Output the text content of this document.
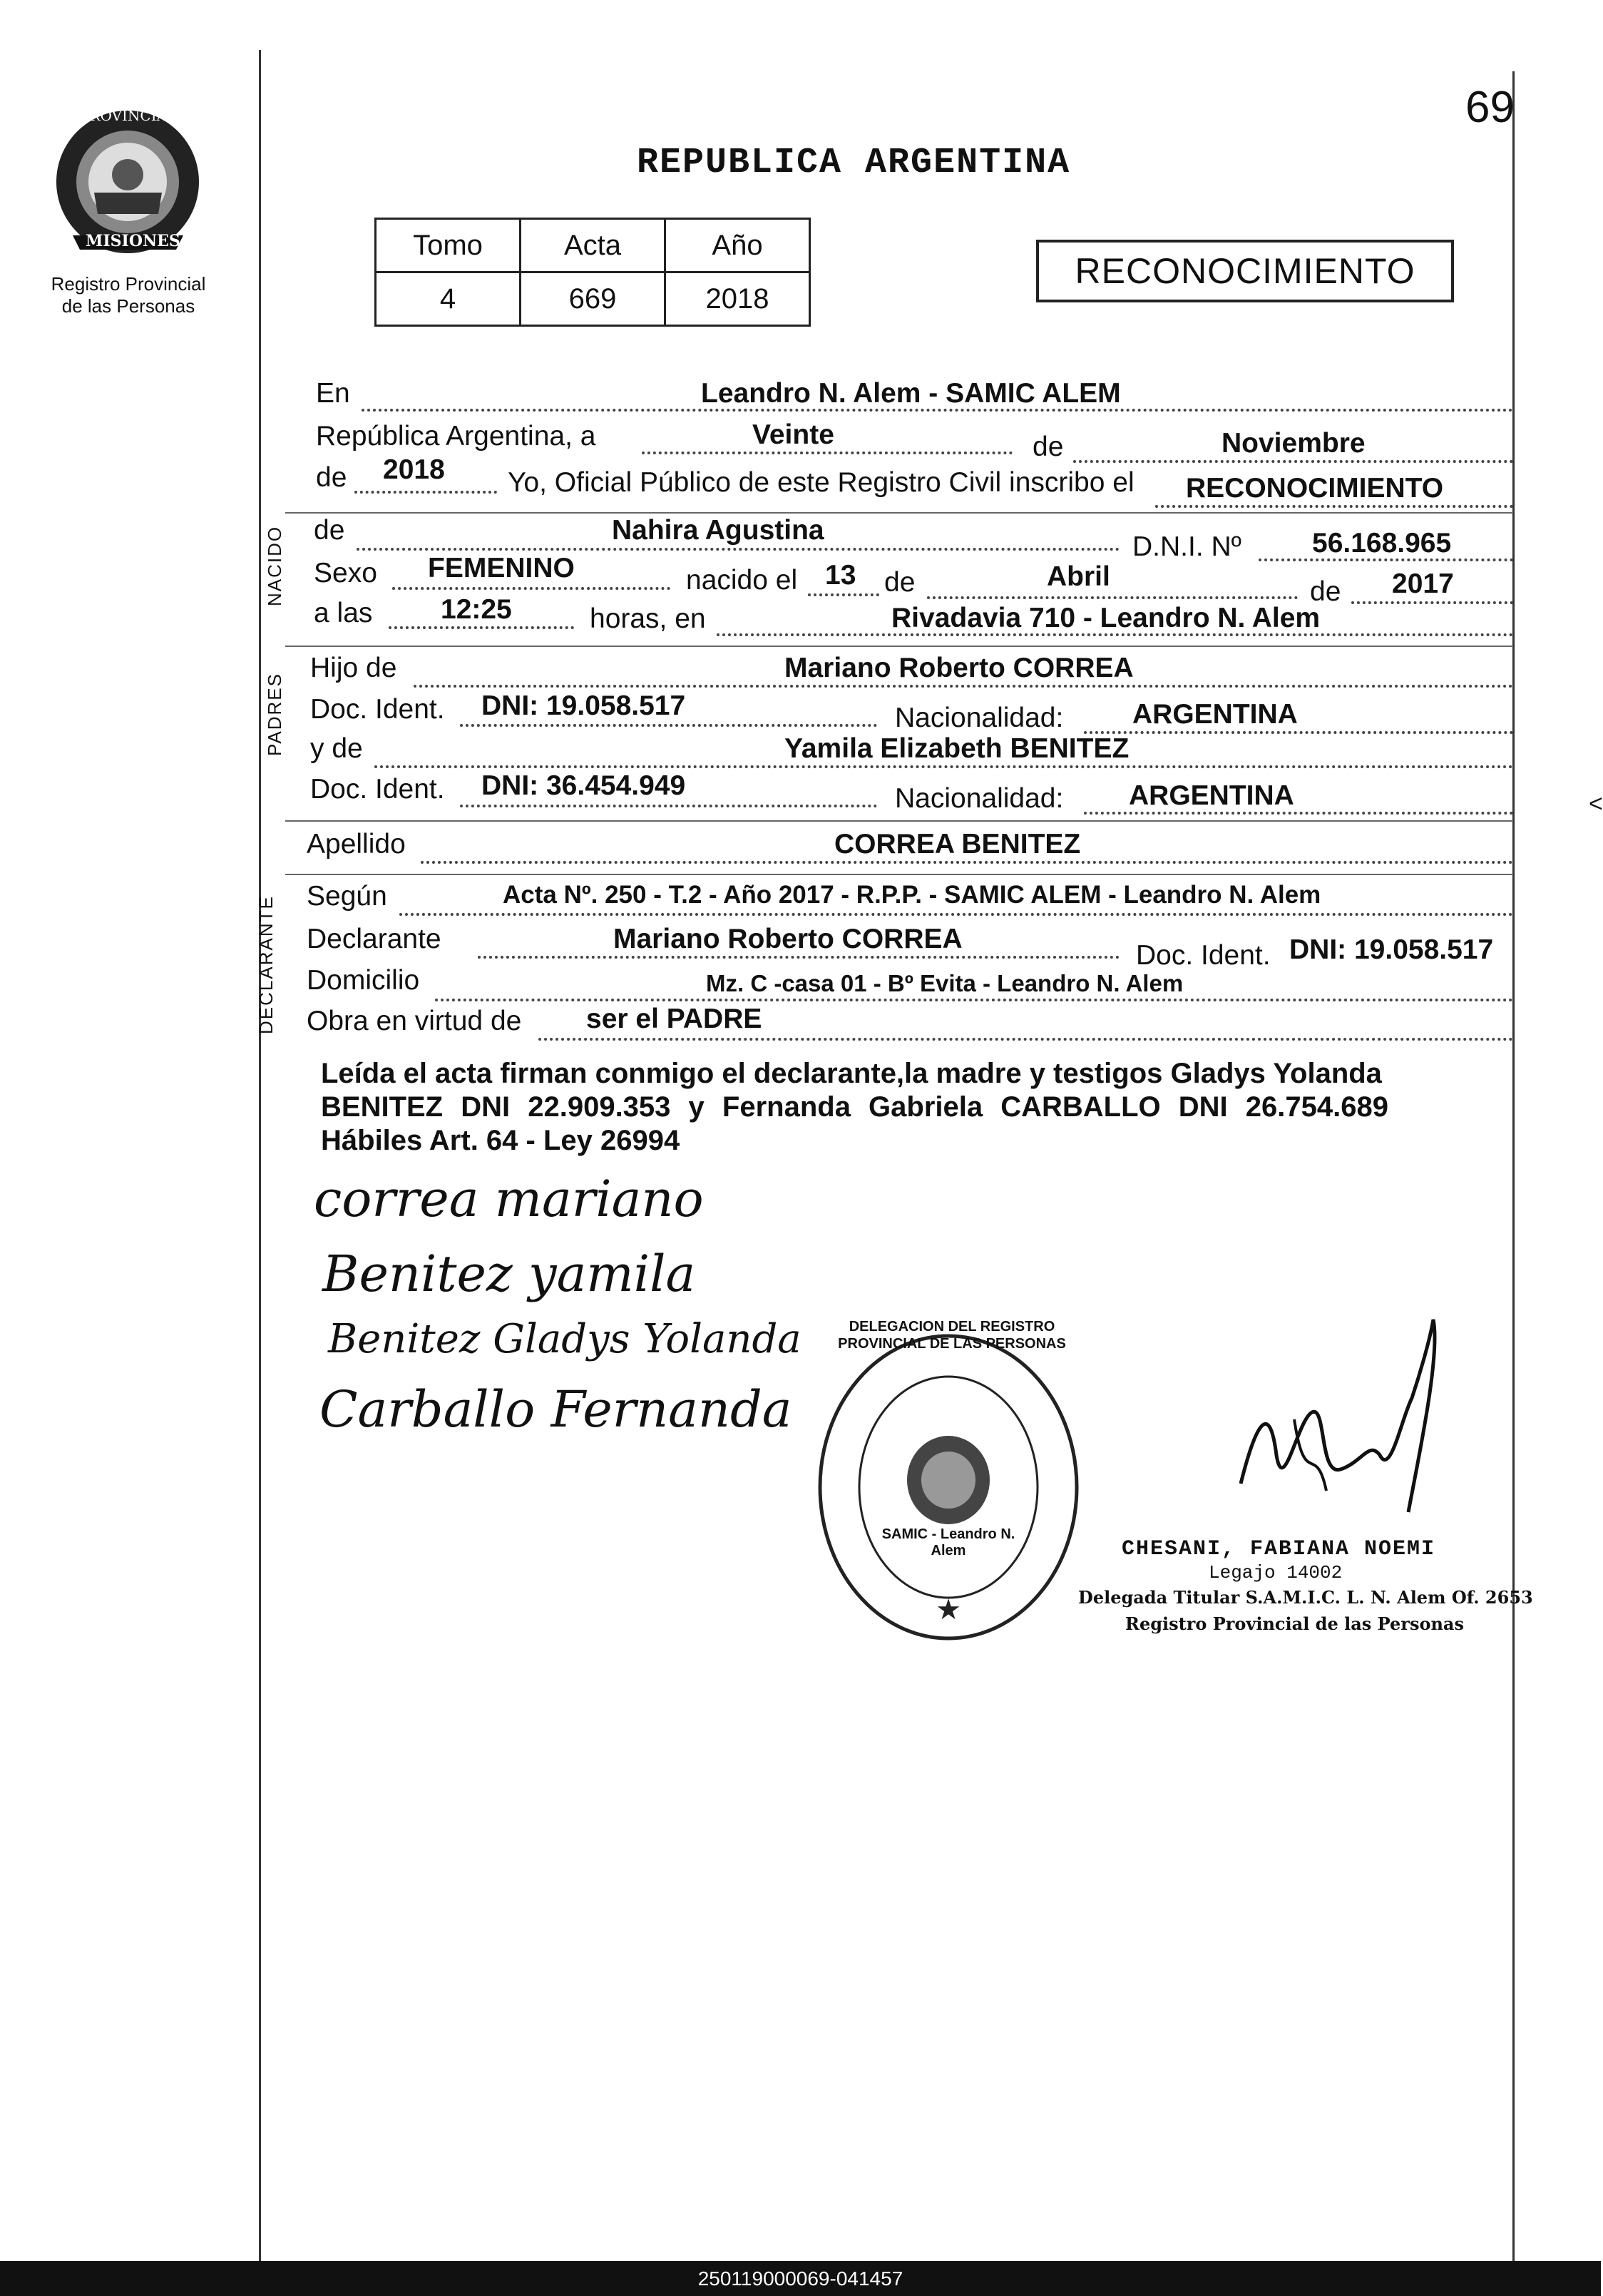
69
PROVINCIA DE
MISIONES
Registro Provincial
de las Personas
REPUBLICA ARGENTINA
Tomo	Acta	Año
4	669	2018
RECONOCIMIENTO
NACIDO
PADRES
DECLARANTE
En	Leandro N. Alem - SAMIC ALEM
República Argentina, a	Veinte	de	Noviembre
de 2018 Yo, Oficial Público de este Registro Civil inscribo el RECONOCIMIENTO
de	Nahira Agustina
D.N.I. Nº	56.168.965
Sexo FEMENINO	nacido el 13 de	Abril	de 2017
a las 12:25	horas, en	Rivadavia 710 - Leandro N. Alem
Hijo de	Mariano Roberto CORREA
Doc. Ident. DNI: 19.058.517	Nacionalidad: ARGENTINA
y de	Yamila Elizabeth BENITEZ
Doc. Ident. DNI: 36.454.949	Nacionalidad: ARGENTINA
Apellido	CORREA BENITEZ
Según	Acta Nº. 250 - T.2 - Año 2017 - R.P.P. - SAMIC ALEM - Leandro N. Alem
Declarante	Mariano Roberto CORREA
Doc. Ident. DNI: 19.058.517
Domicilio	Mz. C -casa 01 - Bº Evita - Leandro N. Alem
Obra en virtud de ser el PADRE
Leída el acta firman conmigo el declarante,la madre y testigos Gladys Yolanda
BENITEZ DNI 22.909.353 y Fernanda Gabriela CARBALLO DNI 26.754.689
Hábiles Art. 64 - Ley 26994
correa mariano
Benitez yamila
Benitez Gladys Yolanda
Carballo Fernanda
★
DELEGACION DEL REGISTRO PROVINCIAL DE LAS PERSONAS
SAMIC - Leandro N. Alem	CHESANI, FABIANA NOEMI
Legajo 14002
Delegada Titular S.A.M.I.C. L. N. Alem Of. 2653
Registro Provincial de las Personas
<
250119000069-041457
